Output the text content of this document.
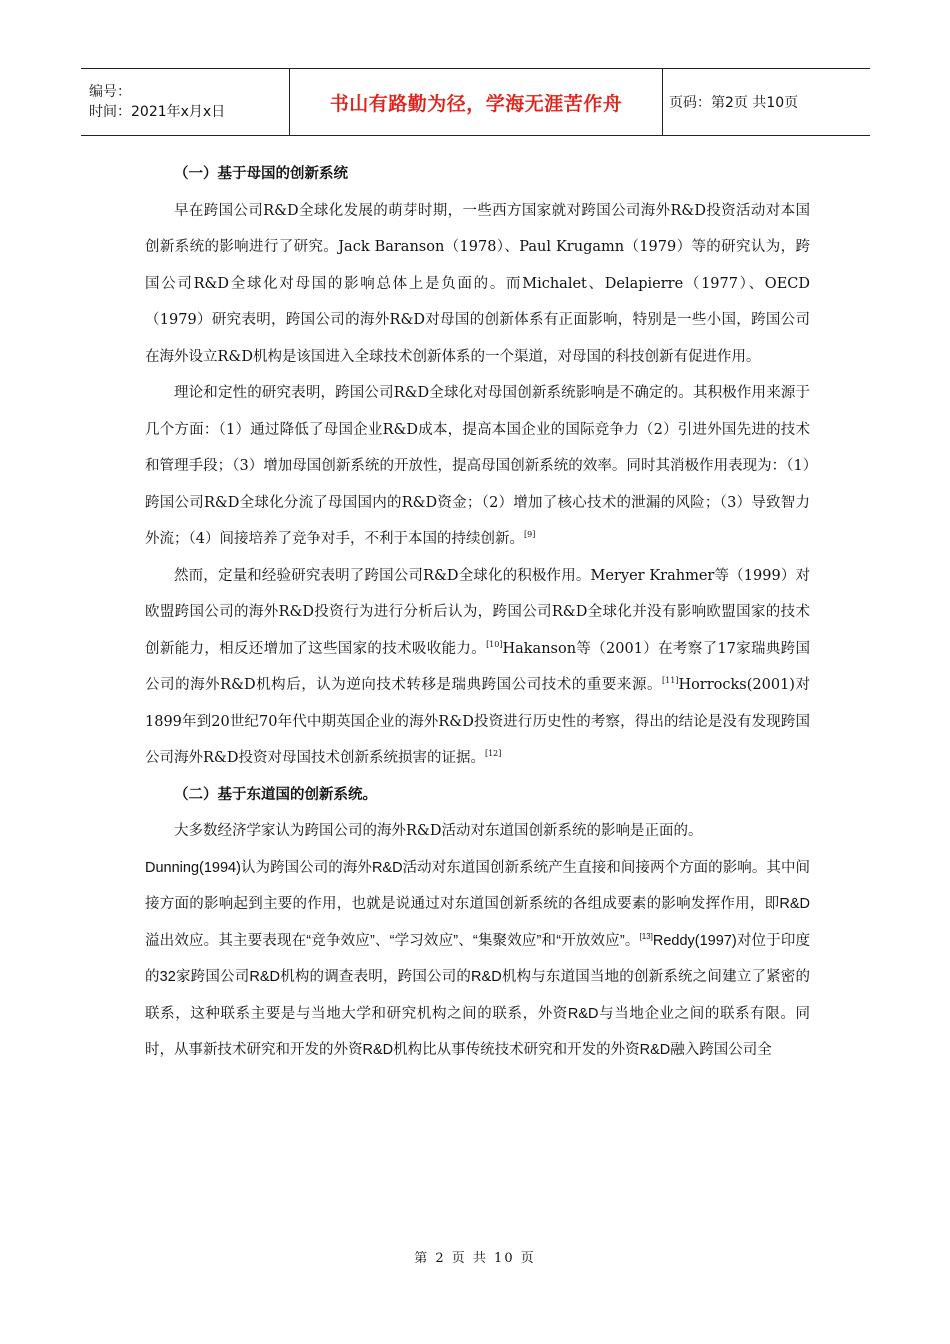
编号：
时间：2021年x月x日	书山有路勤为径，学海无涯苦作舟	页码：第2页 共10页
（一）基于母国的创新系统

早在跨国公司R&D全球化发展的萌芽时期，一些西方国家就对跨国公司海外R&D投资活动对本国创新系统的影响进行了研究。Jack Baranson（1978）、Paul Krugamn（1979）等的研究认为，跨国公司R&D全球化对母国的影响总体上是负面的。而Michalet、Delapierre（1977）、OECD（1979）研究表明，跨国公司的海外R&D对母国的创新体系有正面影响，特别是一些小国，跨国公司在海外设立R&D机构是该国进入全球技术创新体系的一个渠道，对母国的科技创新有促进作用。

理论和定性的研究表明，跨国公司R&D全球化对母国创新系统影响是不确定的。其积极作用来源于几个方面：（1）通过降低了母国企业R&D成本，提高本国企业的国际竞争力（2）引进外国先进的技术和管理手段；（3）增加母国创新系统的开放性，提高母国创新系统的效率。同时其消极作用表现为：（1）跨国公司R&D全球化分流了母国国内的R&D资金；（2）增加了核心技术的泄漏的风险；（3）导致智力外流；（4）间接培养了竞争对手，不利于本国的持续创新。[9]

然而，定量和经验研究表明了跨国公司R&D全球化的积极作用。Meryer Krahmer等（1999）对欧盟跨国公司的海外R&D投资行为进行分析后认为，跨国公司R&D全球化并没有影响欧盟国家的技术创新能力，相反还增加了这些国家的技术吸收能力。[10]Hakanson等（2001）在考察了17家瑞典跨国公司的海外R&D机构后，认为逆向技术转移是瑞典跨国公司技术的重要来源。[11]Horrocks(2001)对1899年到20世纪70年代中期英国企业的海外R&D投资进行历史性的考察，得出的结论是没有发现跨国公司海外R&D投资对母国技术创新系统损害的证据。[12]

（二）基于东道国的创新系统。

大多数经济学家认为跨国公司的海外R&D活动对东道国创新系统的影响是正面的。

Dunning(1994)认为跨国公司的海外R&D活动对东道国创新系统产生直接和间接两个方面的影响。其中间接方面的影响起到主要的作用，也就是说通过对东道国创新系统的各组成要素的影响发挥作用，即R&D溢出效应。其主要表现在“竞争效应”、“学习效应”、“集聚效应”和“开放效应”。[13]Reddy(1997)对位于印度的32家跨国公司R&D机构的调查表明，跨国公司的R&D机构与东道国当地的创新系统之间建立了紧密的联系，这种联系主要是与当地大学和研究机构之间的联系，外资R&D与当地企业之间的联系有限。同时，从事新技术研究和开发的外资R&D机构比从事传统技术研究和开发的外资R&D融入跨国公司全

第 2 页 共 10 页
